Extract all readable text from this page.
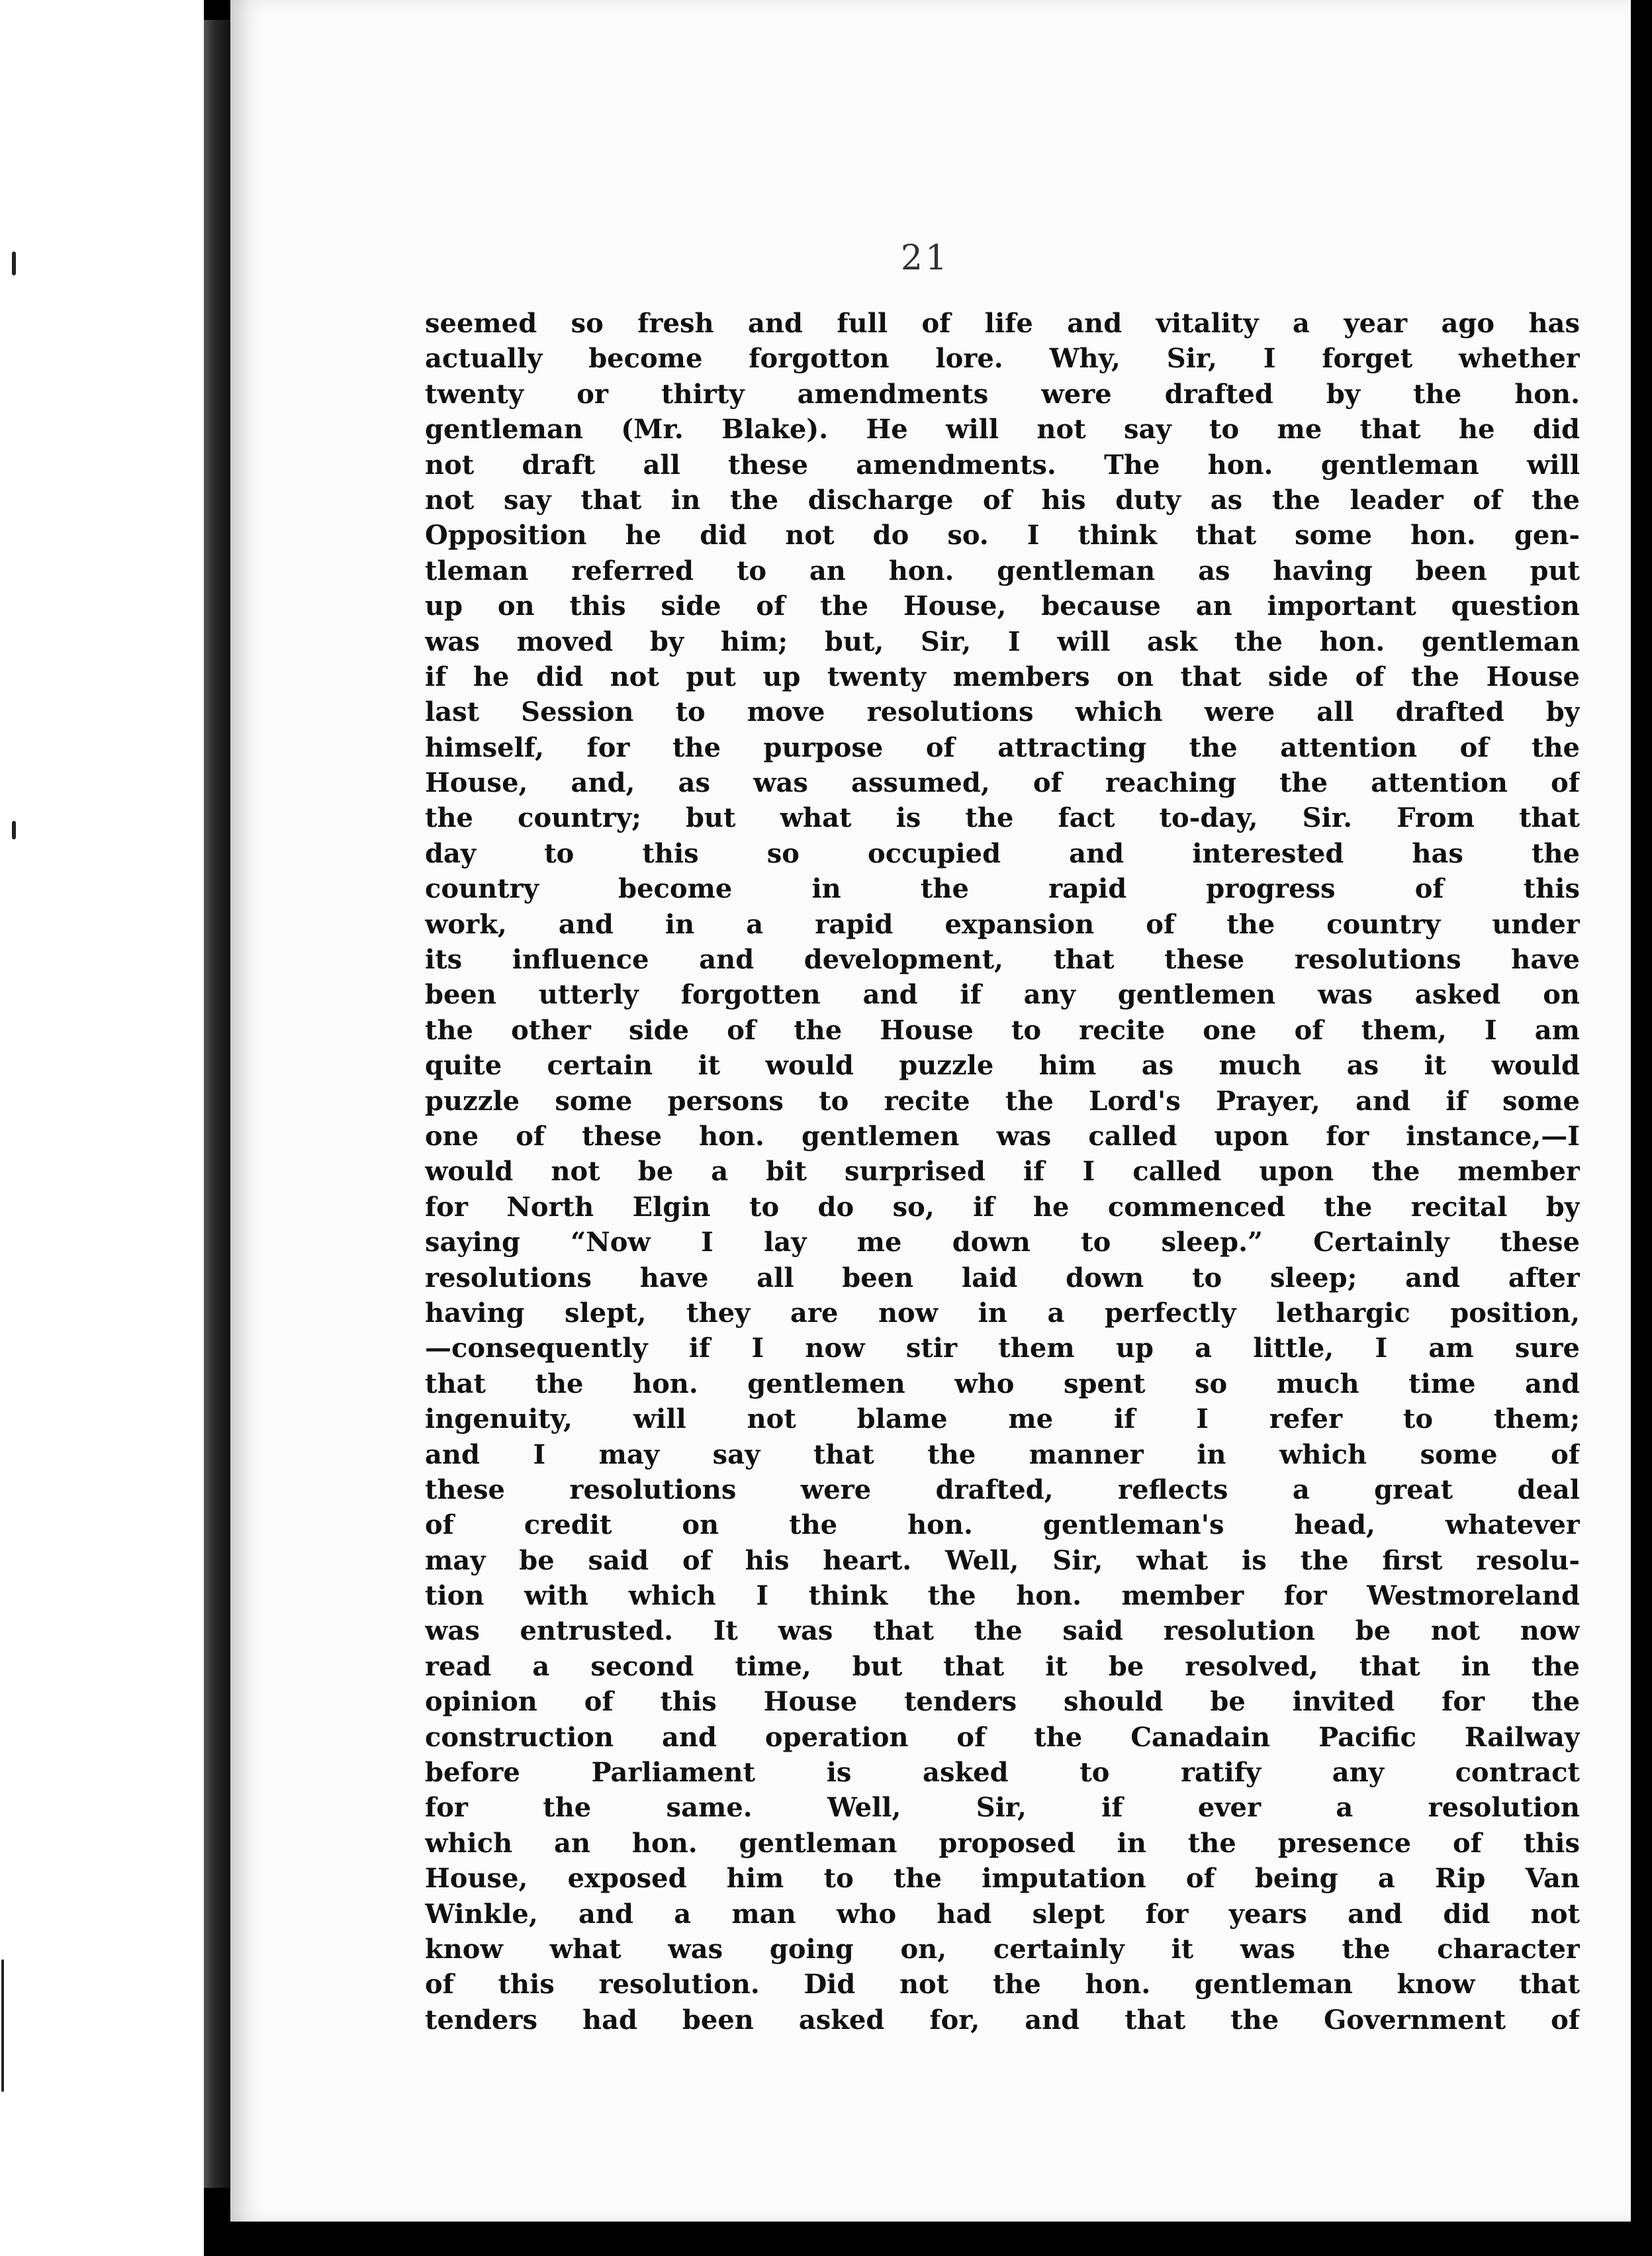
21
seemed so fresh and full of life and vitality a year ago has
actually become forgotton lore. Why, Sir, I forget whether
twenty or thirty amendments were drafted by the hon.
gentleman (Mr. Blake). He will not say to me that he did
not draft all these amendments. The hon. gentleman will
not say that in the discharge of his duty as the leader of the
Opposition he did not do so. I think that some hon. gen-
tleman referred to an hon. gentleman as having been put
up on this side of the House, because an important question
was moved by him; but, Sir, I will ask the hon. gentleman
if he did not put up twenty members on that side of the House
last Session to move resolutions which were all drafted by
himself, for the purpose of attracting the attention of the
House, and, as was assumed, of reaching the attention of
the country; but what is the fact to-day, Sir. From that
day to this so occupied and interested has the
country become in the rapid progress of this
work, and in a rapid expansion of the country under
its influence and development, that these resolutions have
been utterly forgotten and if any gentlemen was asked on
the other side of the House to recite one of them, I am
quite certain it would puzzle him as much as it would
puzzle some persons to recite the Lord's Prayer, and if some
one of these hon. gentlemen was called upon for instance,—I
would not be a bit surprised if I called upon the member
for North Elgin to do so, if he commenced the recital by
saying “Now I lay me down to sleep.” Certainly these
resolutions have all been laid down to sleep; and after
having slept, they are now in a perfectly lethargic position,
—consequently if I now stir them up a little, I am sure
that the hon. gentlemen who spent so much time and
ingenuity, will not blame me if I refer to them;
and I may say that the manner in which some of
these resolutions were drafted, reflects a great deal
of credit on the hon. gentleman's head, whatever
may be said of his heart. Well, Sir, what is the first resolu-
tion with which I think the hon. member for Westmoreland
was entrusted. It was that the said resolution be not now
read a second time, but that it be resolved, that in the
opinion of this House tenders should be invited for the
construction and operation of the Canadain Pacific Railway
before Parliament is asked to ratify any contract
for the same. Well, Sir, if ever a resolution
which an hon. gentleman proposed in the presence of this
House, exposed him to the imputation of being a Rip Van
Winkle, and a man who had slept for years and did not
know what was going on, certainly it was the character
of this resolution. Did not the hon. gentleman know that
tenders had been asked for, and that the Government of
